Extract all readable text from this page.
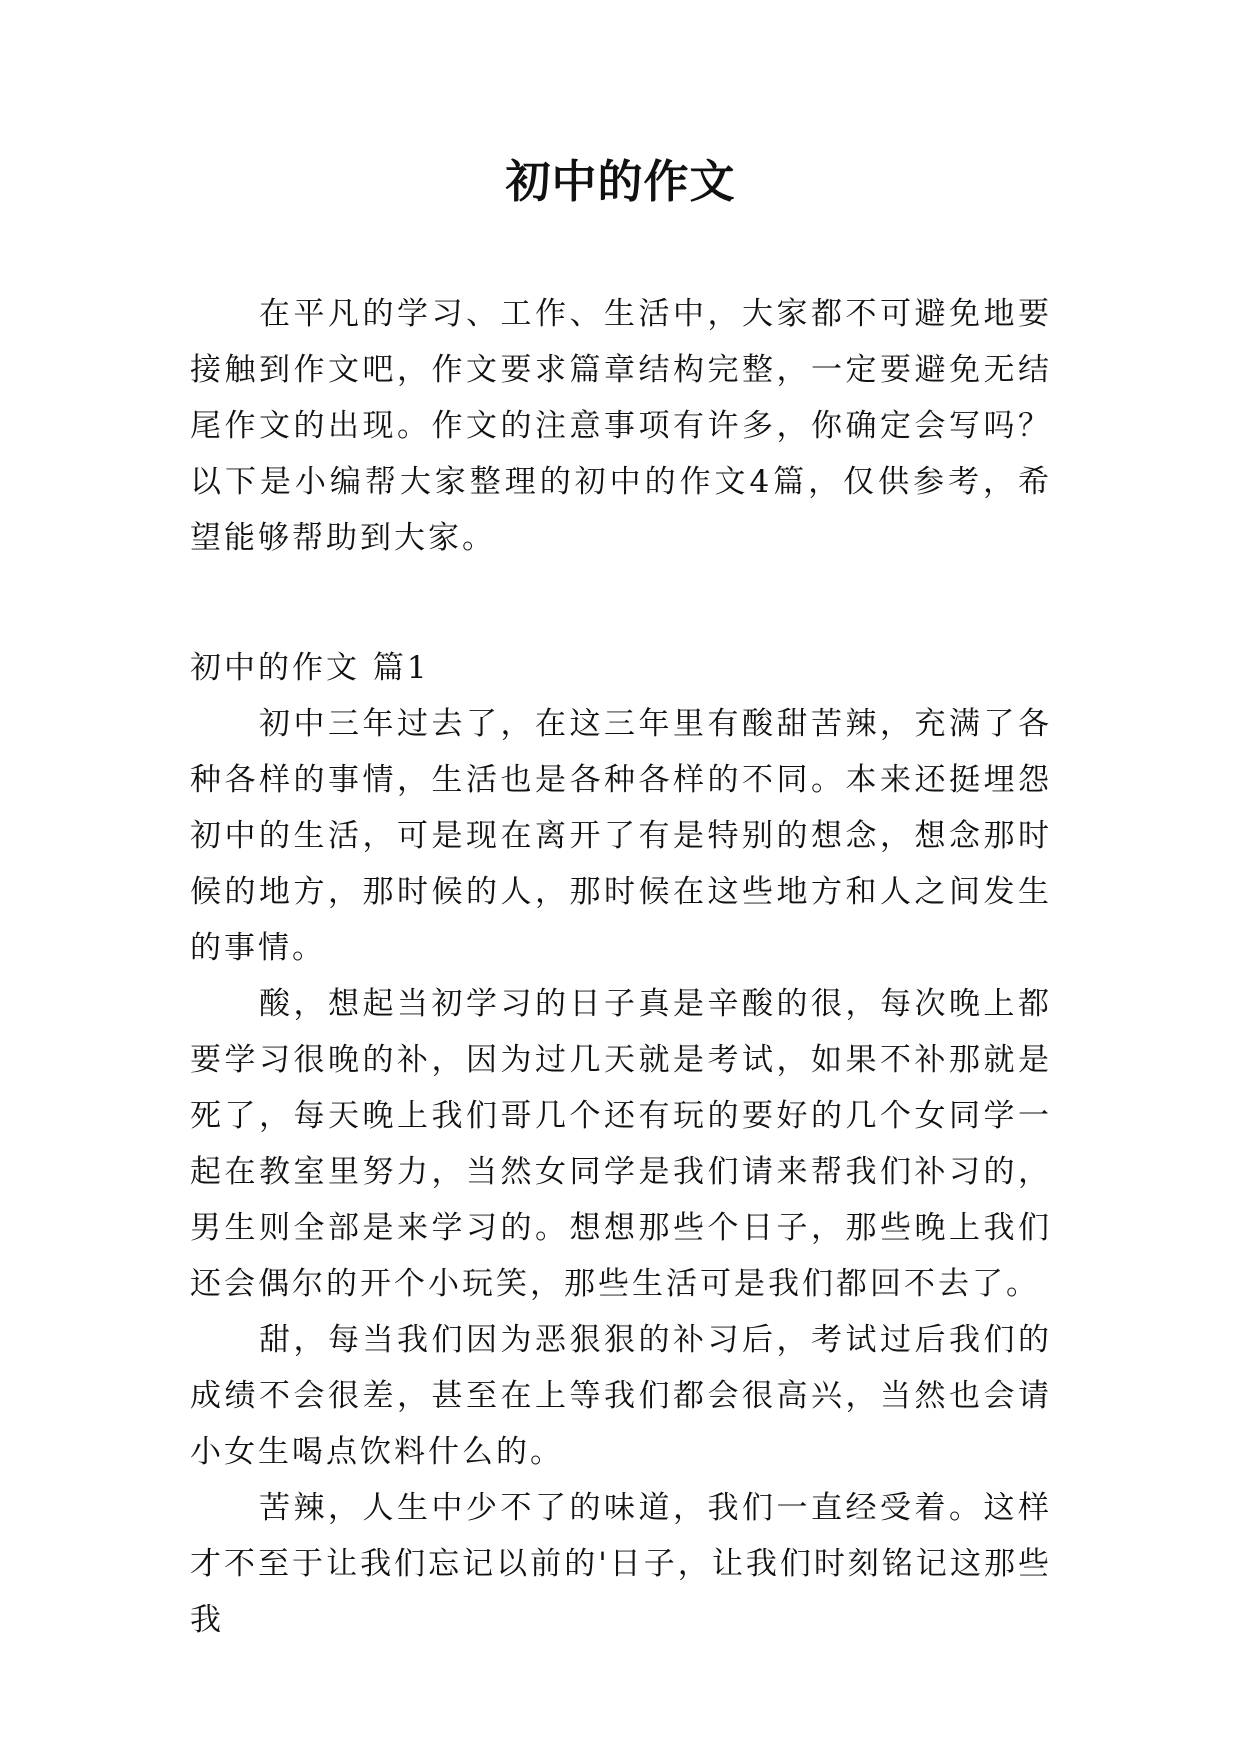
初中的作文

在平凡的学习、工作、生活中，大家都不可避免地要接触到作文吧，作文要求篇章结构完整，一定要避免无结尾作文的出现。作文的注意事项有许多，你确定会写吗？以下是小编帮大家整理的初中的作文4篇，仅供参考，希望能够帮助到大家。

初中的作文 篇1

初中三年过去了，在这三年里有酸甜苦辣，充满了各种各样的事情，生活也是各种各样的不同。本来还挺埋怨初中的生活，可是现在离开了有是特别的想念，想念那时候的地方，那时候的人，那时候在这些地方和人之间发生的事情。

酸，想起当初学习的日子真是辛酸的很，每次晚上都要学习很晚的补，因为过几天就是考试，如果不补那就是死了，每天晚上我们哥几个还有玩的要好的几个女同学一起在教室里努力，当然女同学是我们请来帮我们补习的，男生则全部是来学习的。想想那些个日子，那些晚上我们还会偶尔的开个小玩笑，那些生活可是我们都回不去了。

甜，每当我们因为恶狠狠的补习后，考试过后我们的成绩不会很差，甚至在上等我们都会很高兴，当然也会请小女生喝点饮料什么的。

苦辣，人生中少不了的味道，我们一直经受着。这样才不至于让我们忘记以前的'日子，让我们时刻铭记这那些我
